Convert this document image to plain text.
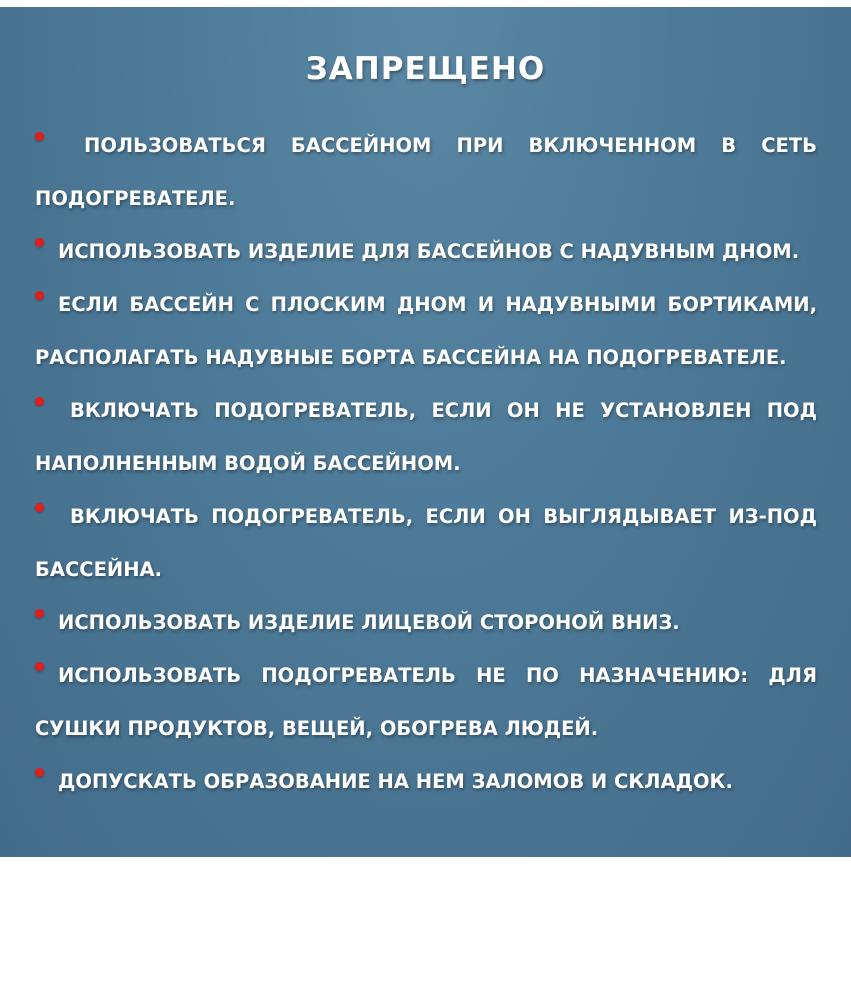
ЗАПРЕЩЕНО
ПОЛЬЗОВАТЬСЯ БАССЕЙНОМ ПРИ ВКЛЮЧЕННОМ В СЕТЬ ПОДОГРЕВАТЕЛЕ.
ИСПОЛЬЗОВАТЬ ИЗДЕЛИЕ ДЛЯ БАССЕЙНОВ С НАДУВНЫМ ДНОМ.
ЕСЛИ БАССЕЙН С ПЛОСКИМ ДНОМ И НАДУВНЫМИ БОРТИКАМИ, РАСПОЛАГАТЬ НАДУВНЫЕ БОРТА БАССЕЙНА НА ПОДОГРЕВАТЕЛЕ.
ВКЛЮЧАТЬ ПОДОГРЕВАТЕЛЬ, ЕСЛИ ОН НЕ УСТАНОВЛЕН ПОД НАПОЛНЕННЫМ ВОДОЙ БАССЕЙНОМ.
ВКЛЮЧАТЬ ПОДОГРЕВАТЕЛЬ, ЕСЛИ ОН ВЫГЛЯДЫВАЕТ ИЗ-ПОД БАССЕЙНА.
ИСПОЛЬЗОВАТЬ ИЗДЕЛИЕ ЛИЦЕВОЙ СТОРОНОЙ ВНИЗ.
ИСПОЛЬЗОВАТЬ ПОДОГРЕВАТЕЛЬ НЕ ПО НАЗНАЧЕНИЮ: ДЛЯ СУШКИ ПРОДУКТОВ, ВЕЩЕЙ, ОБОГРЕВА ЛЮДЕЙ.
ДОПУСКАТЬ ОБРАЗОВАНИЕ НА НЕМ ЗАЛОМОВ И СКЛАДОК.
